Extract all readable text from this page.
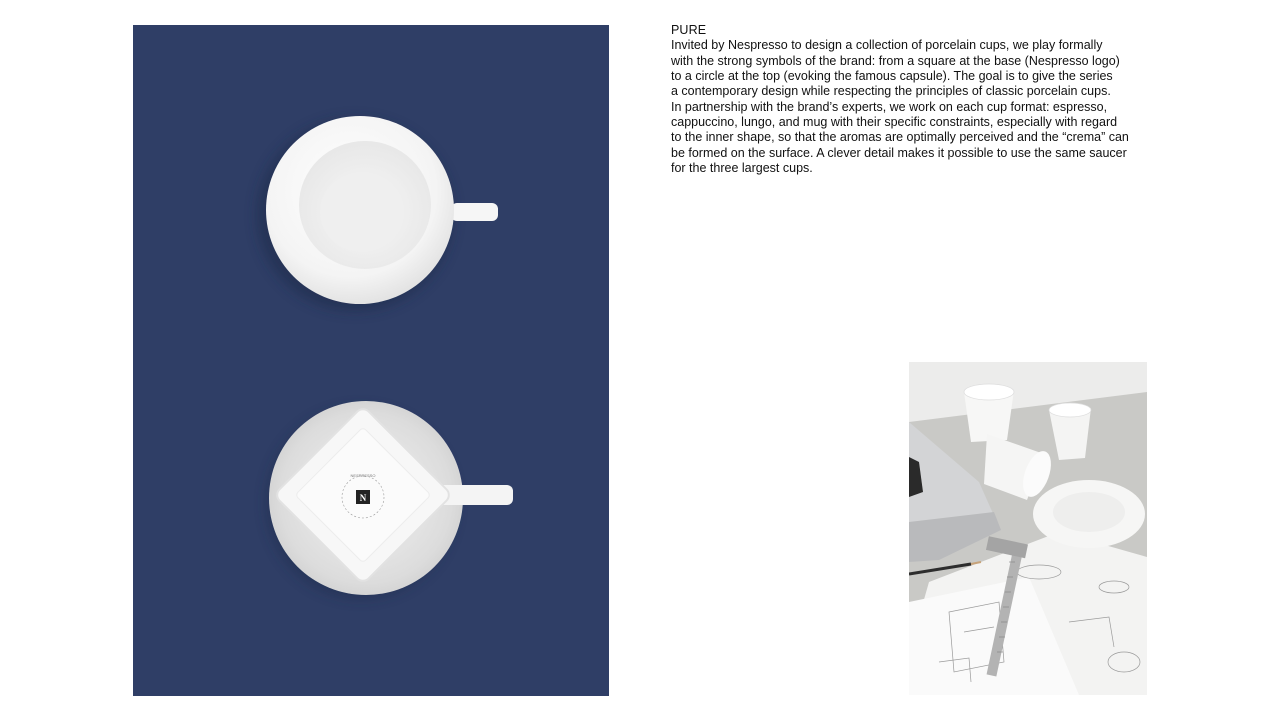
N
NESPRESSO
PURE
Invited by Nespresso to design a collection of porcelain cups, we play formally
with the strong symbols of the brand: from a square at the base (Nespresso logo)
to a circle at the top (evoking the famous capsule). The goal is to give the series
a contemporary design while respecting the principles of classic porcelain cups.
In partnership with the brand’s experts, we work on each cup format: espresso,
cappuccino, lungo, and mug with their specific constraints, especially with regard
to the inner shape, so that the aromas are optimally perceived and the “crema” can
be formed on the surface. A clever detail makes it possible to use the same saucer
for the three largest cups.
